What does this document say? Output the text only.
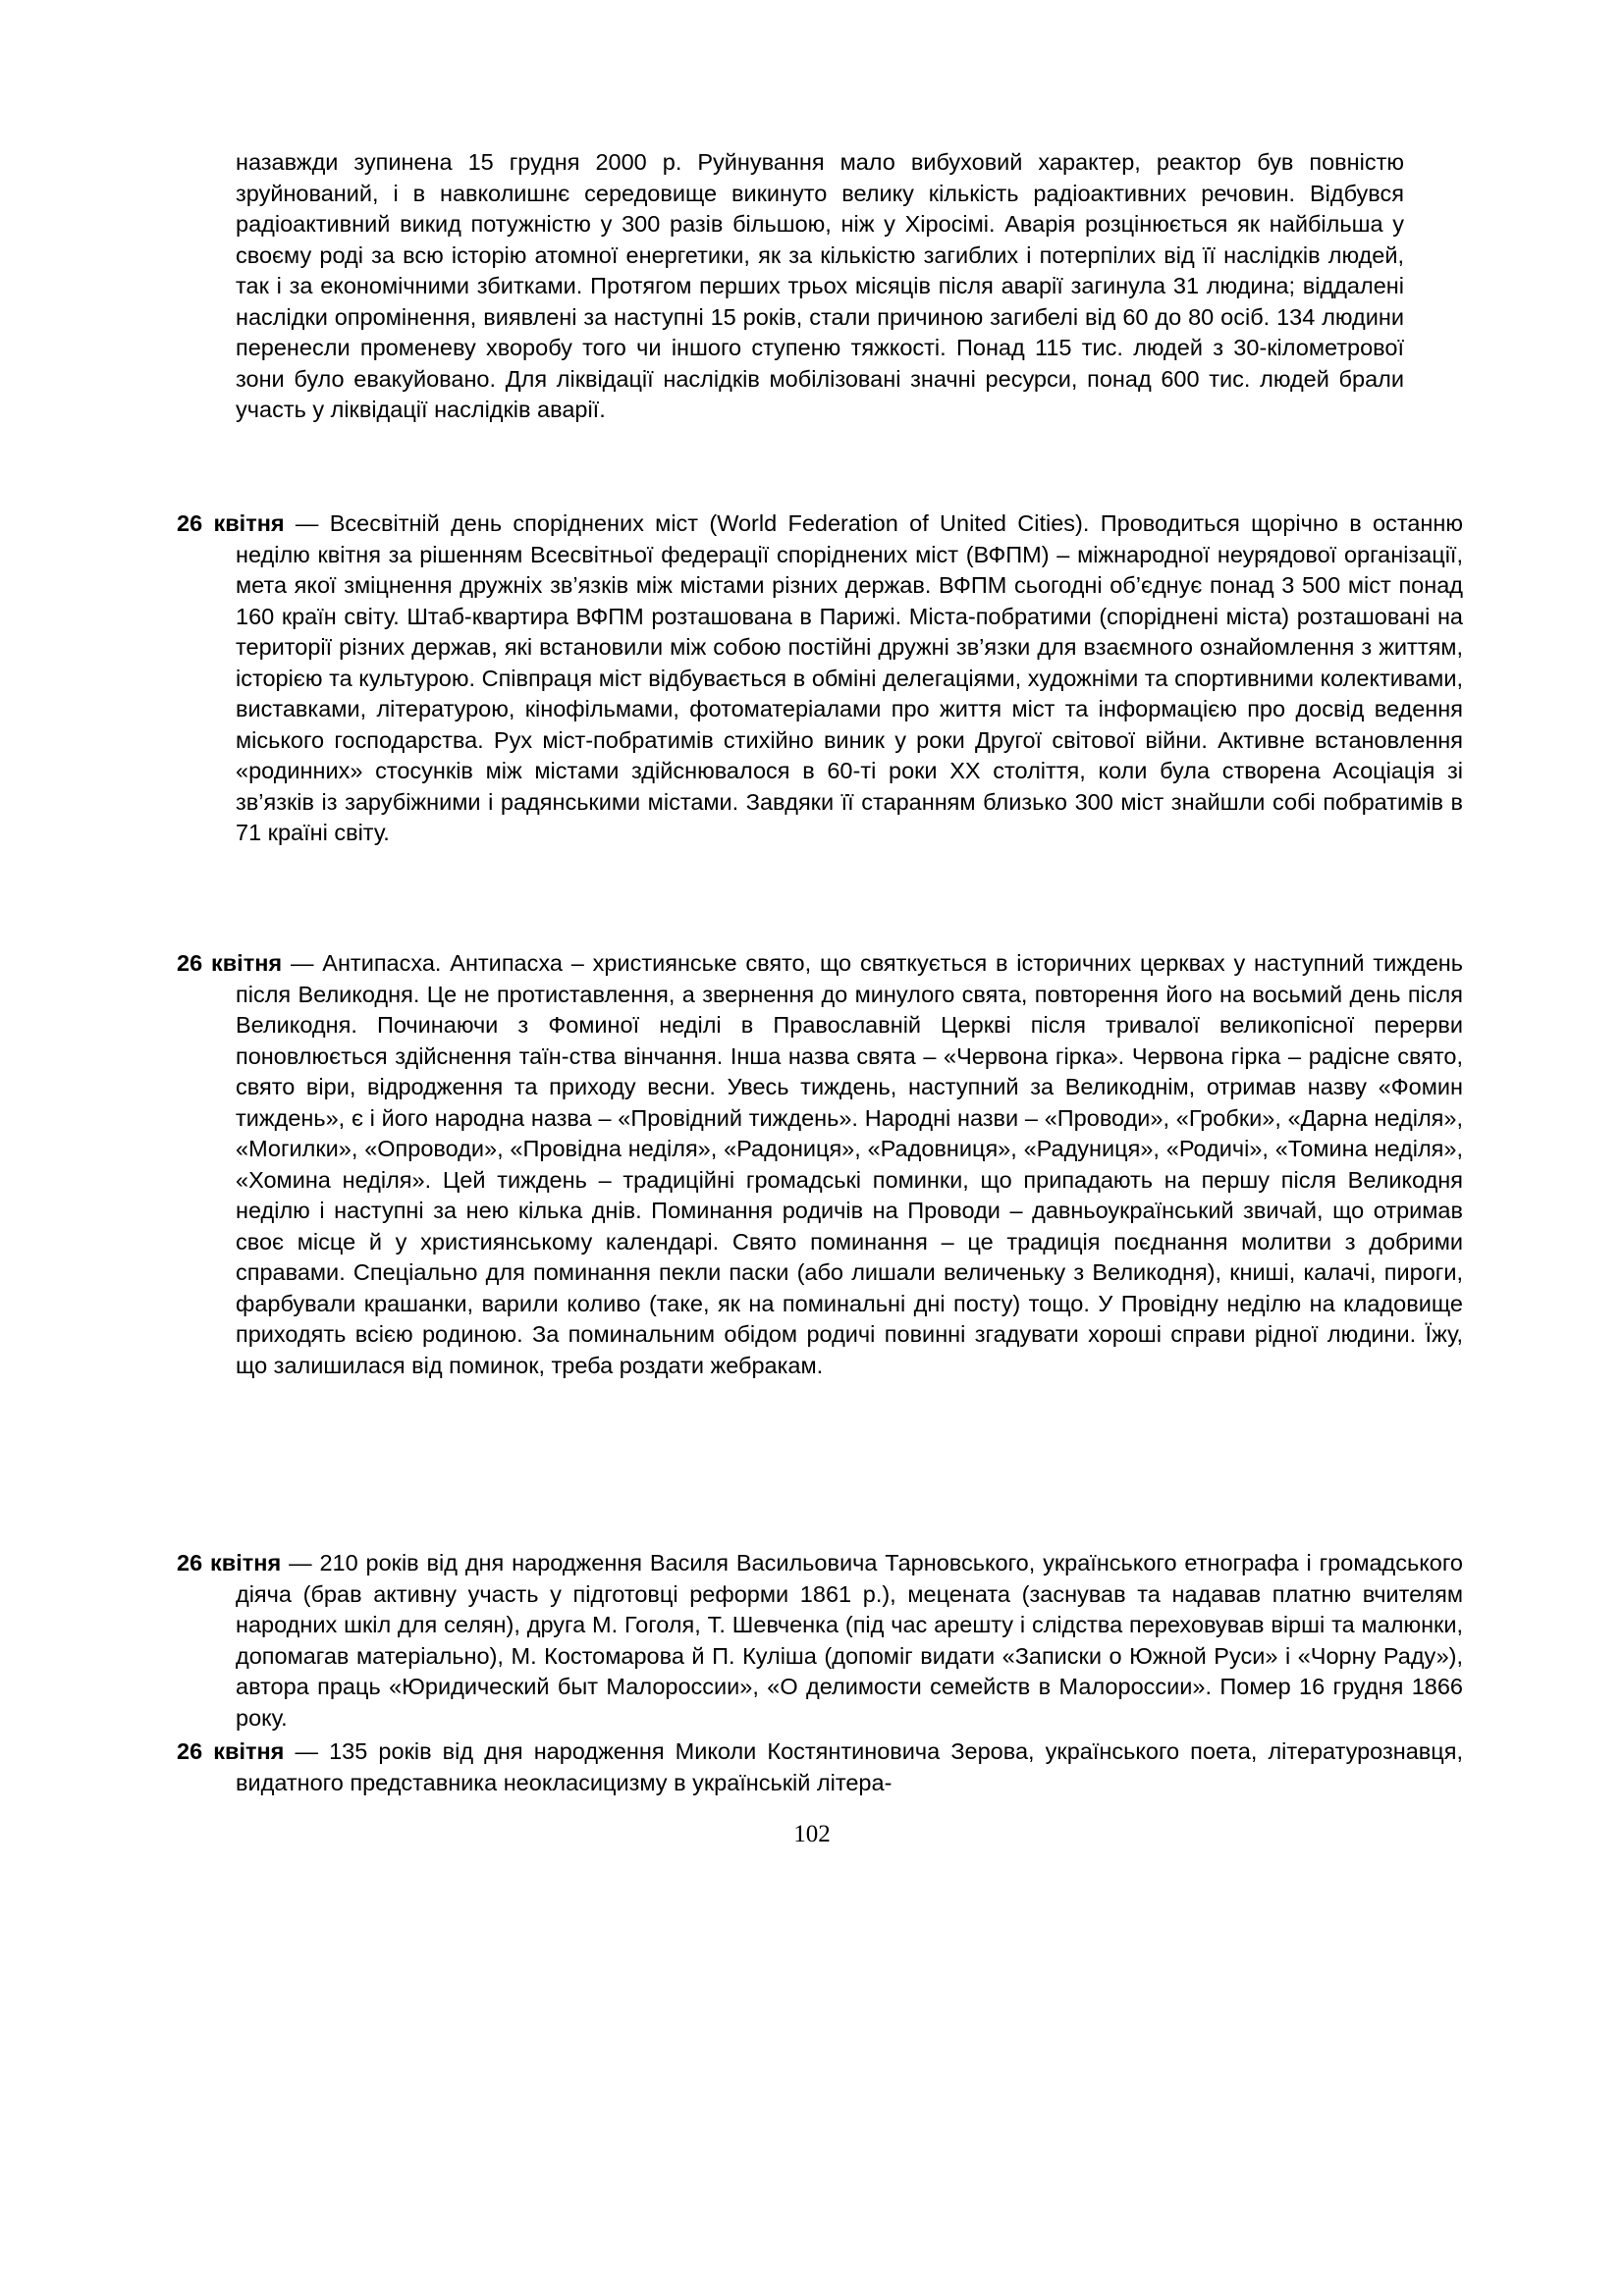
назавжди зупинена 15 грудня 2000 р. Руйнування мало вибуховий характер, реактор був повністю зруйнований, і в навколишнє середовище викинуто велику кількість радіоактивних речовин. Відбувся радіоактивний викид потужністю у 300 разів більшою, ніж у Хіросімі. Аварія розцінюється як найбільша у своєму роді за всю історію атомної енергетики, як за кількістю загиблих і потерпілих від її наслідків людей, так і за економічними збитками. Протягом перших трьох місяців після аварії загинула 31 людина; віддалені наслідки опромінення, виявлені за наступні 15 років, стали причиною загибелі від 60 до 80 осіб. 134 людини перенесли променеву хворобу того чи іншого ступеню тяжкості. Понад 115 тис. людей з 30-кілометрової зони було евакуйовано. Для ліквідації наслідків мобілізовані значні ресурси, понад 600 тис. людей брали участь у ліквідації наслідків аварії.

26 квітня — Всесвітній день споріднених міст (World Federation of United Cities). Проводиться щорічно в останню неділю квітня за рішенням Всесвітньої федерації споріднених міст (ВФПМ) – міжнародної неурядової організації, мета якої зміцнення дружніх зв’язків між містами різних держав. ВФПМ сьогодні об’єднує понад 3 500 міст понад 160 країн світу. Штаб-квартира ВФПМ розташована в Парижі. Міста-побратими (споріднені міста) розташовані на території різних держав, які встановили між собою постійні дружні зв’язки для взаємного ознайомлення з життям, історією та культурою. Співпраця міст відбувається в обміні делегаціями, художніми та спортивними колективами, виставками, літературою, кінофільмами, фотоматеріалами про життя міст та інформацією про досвід ведення міського господарства. Рух міст-побратимів стихійно виник у роки Другої світової війни. Активне встановлення «родинних» стосунків між містами здійснювалося в 60-ті роки XX століття, коли була створена Асоціація зі зв’язків із зарубіжними і радянськими містами. Завдяки її старанням близько 300 міст знайшли собі побратимів в 71 країні світу.

26 квітня — Антипасха. Антипасха – християнське свято, що святкується в історичних церквах у наступний тиждень після Великодня. Це не протиставлення, а звернення до минулого свята, повторення його на восьмий день після Великодня. Починаючи з Фоминої неділі в Православній Церкві після тривалої великопісної перерви поновлюється здійснення таїн-ства вінчання. Інша назва свята – «Червона гірка». Червона гірка – радісне свято, свято віри, відродження та приходу весни. Увесь тиждень, наступний за Великоднім, отримав назву «Фомин тиждень», є і його народна назва – «Провідний тиждень». Народні назви – «Проводи», «Гробки», «Дарна неділя», «Могилки», «Опроводи», «Провідна неділя», «Радониця», «Радовниця», «Радуниця», «Родичі», «Томина неділя», «Хомина неділя». Цей тиждень – традиційні громадські поминки, що припадають на першу після Великодня неділю і наступні за нею кілька днів. Поминання родичів на Проводи – давньоукраїнський звичай, що отримав своє місце й у християнському календарі. Свято поминання – це традиція поєднання молитви з добрими справами. Спеціально для поминання пекли паски (або лишали величеньку з Великодня), книші, калачі, пироги, фарбували крашанки, варили коливо (таке, як на поминальні дні посту) тощо. У Провідну неділю на кладовище приходять всією родиною. За поминальним обідом родичі повинні згадувати хороші справи рідної людини. Їжу, що залишилася від поминок, треба роздати жебракам.

26 квітня — 210 років від дня народження Василя Васильовича Тарновського, українського етнографа і громадського діяча (брав активну участь у підготовці реформи 1861 р.), мецената (заснував та надавав платню вчителям народних шкіл для селян), друга М. Гоголя, Т. Шевченка (під час арешту і слідства переховував вірші та малюнки, допомагав матеріально), М. Костомарова й П. Куліша (допоміг видати «Записки о Южной Руси» і «Чорну Раду»), автора праць «Юридический быт Малороссии», «О делимости семейств в Малороссии». Помер 16 грудня 1866 року.

26 квітня — 135 років від дня народження Миколи Костянтиновича Зерова, українського поета, літературознавця, видатного представника неокласицизму в українській літера-

102
